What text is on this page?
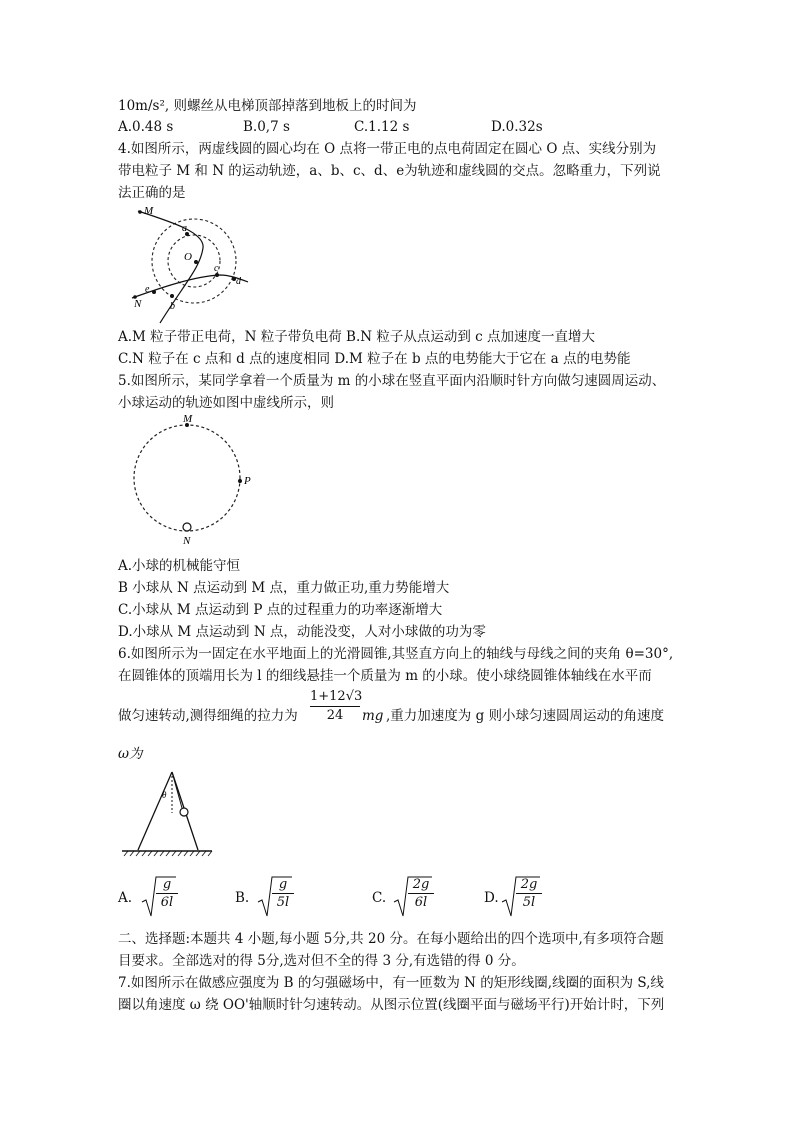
10m/s², 则螺丝从电梯顶部掉落到地板上的时间为
A.0.48 s	B.0,7 s	C.1.12 s	D.0.32s
4.如图所示，两虚线圆的圆心均在 O 点将一带正电的点电荷固定在圆心 O 点、实线分别为
带电粒子 M 和 N 的运动轨迹，a、b、c、d、e为轨迹和虚线圆的交点。忽略重力，下列说
法正确的是
M
N
a
b
c
d
e
O
A.M 粒子带正电荷，N 粒子带负电荷 B.N 粒子从点运动到 c 点加速度一直增大
C.N 粒子在 c 点和 d 点的速度相同 D.M 粒子在 b 点的电势能大于它在 a 点的电势能
5.如图所示，某同学拿着一个质量为 m 的小球在竖直平面内沿顺时针方向做匀速圆周运动、
小球运动的轨迹如图中虚线所示，则
M
P
N
A.小球的机械能守恒
B 小球从 N 点运动到 M 点，重力做正功,重力势能增大
C.小球从 M 点运动到 P 点的过程重力的功率逐渐增大
D.小球从 M 点运动到 N 点，动能没变，人对小球做的功为零
6.如图所示为一固定在水平地面上的光滑圆锥,其竖直方向上的轴线与母线之间的夹角 θ=30°,
在圆锥体的顶端用长为 l 的细线悬挂一个质量为 m 的小球。使小球绕圆锥体轴线在水平而
做匀速转动,测得细绳的拉力为 $\frac{1+12√3}{24}$ mg ,重力加速度为 g 则小球匀速圆周运动的角速度
ω为
θ
A. $\frac{g}{6l}$	B. $\frac{g}{5l}$	C. $\frac{2g}{6l}$	D. $\frac{2g}{5l}$
二、选择题:本题共 4 小题,每小题 5分,共 20 分。在每小题给出的四个选项中,有多项符合题
目要求。全部选对的得 5分,选对但不全的得 3 分,有选错的得 0 分。
7.如图所示在做感应强度为 B 的匀强磁场中，有一匝数为 N 的矩形线圈,线圈的面积为 S,线
圈以角速度 ω 绕 OO'轴顺时针匀速转动。从图示位置(线圈平面与磁场平行)开始计时，下列
